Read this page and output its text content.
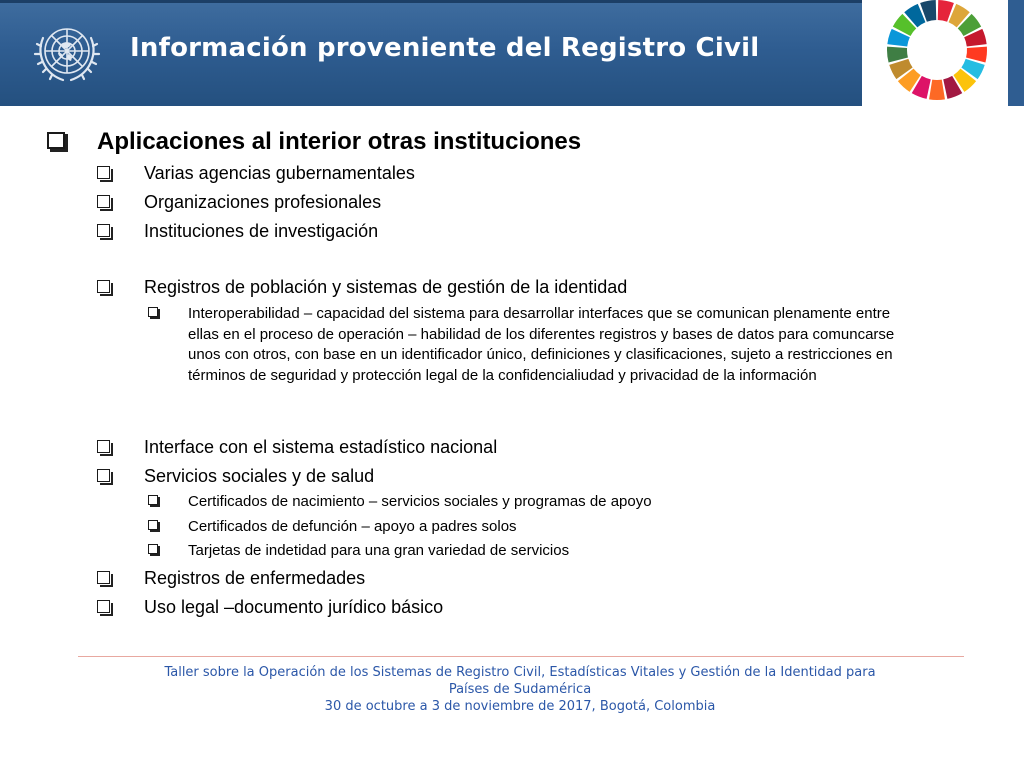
Información proveniente del Registro Civil
Aplicaciones al interior otras instituciones
Varias agencias gubernamentales
Organizaciones profesionales
Instituciones de investigación
Registros de población y sistemas de gestión de la identidad
Interoperabilidad – capacidad del sistema para desarrollar interfaces que se comunican plenamente entre ellas en el proceso de operación – habilidad de los diferentes registros y bases de datos para comuncarse unos con otros, con base en un identificador único, definiciones y clasificaciones, sujeto a restricciones en términos de seguridad y protección legal de la confidencialiudad y privacidad de la información
Interface con el sistema estadístico nacional
Servicios sociales y de salud
Certificados de nacimiento – servicios sociales y programas de apoyo
Certificados de defunción – apoyo a padres solos
Tarjetas de indetidad para una gran variedad de servicios
Registros de enfermedades
Uso legal –documento jurídico básico
Taller sobre la Operación de los Sistemas de Registro Civil, Estadísticas Vitales y Gestión de la Identidad para
Países de Sudamérica
30 de octubre a 3 de noviembre de 2017, Bogotá, Colombia
